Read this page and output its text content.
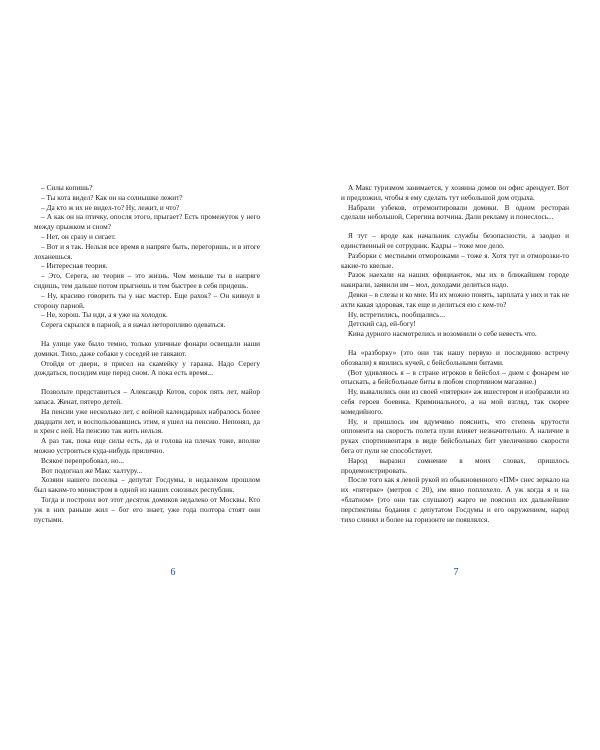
– Силы копишь?

– Ты кота видел? Как он на солнышке лежит?

– Да кто ж их не видел-то? Ну, лежит, и что?

– А как он на птичку, опосля этого, прыгает? Есть промежуток у него между прыжком и сном?

– Нет, он сразу и сигает.

– Вот и я так. Нельзя все время в напряге быть, перегоришь, и в итоге лоханешься.

– Интересная теория.

– Это, Серега, не теория – это жизнь. Чем меньше ты в напряге сидишь, тем дальше потом прыгнешь и тем быстрее в себя придешь.

– Ну, красиво говорить ты у нас мастер. Еще рахок? – Он кивнул в сторону парной.

– Не, хорош. Ты иди, а я уже на холодок.

Серега скрылся в парной, а я начал неторопливо одеваться.

На улице уже было темно, только уличные фонари освещали наши домики. Тихо, даже собаки у соседей не гавкают.

Отойдя от двери, я присел на скамейку у гаража. Надо Серегу дождаться, посидим еще перед сном. А пока есть время...

Позвольте представиться – Александр Котов, сорок пять лет, майор запаса. Женат, пятеро детей.

На пенсии уже несколько лет, с войной календарных набралось более двадцати лет, и воспользовавшись этим, я ушел на пенсию. Непонял, да и хрен с ней. На пенсию так жить нельзя.

А раз так, пока еще силы есть, да и голова на плечах тоже, вполне можно устроиться куда-нибудь прилично.

Всякое перепробовал, но...

Вот подогнал же Макс халтуру...

Хозяин нашего поселка – депутат Госдумы, в недалеком прошлом был каким-то министром в одной из наших союзных республик.

Тогда и построил вот этот десяток домиков недалеко от Москвы. Кто уж в них раньше жил – бог его знает, уже года полтора стоят они пустыми.

А Макс туризмом занимается, у хозяина домов он офис арендует. Вот и предложил, чтобы я ему сделать тут небольшой дом отдыха.

Набрали узбеков, отремонтировали домики. В одном ресторан сделали небольшой, Серегина вотчина. Дали рекламу и понеслось...

Я тут – вроде как начальник службы безопасности, а заодно и единственный ее сотрудник. Кадры – тоже мое дело.

Разборки с местными отморозками – тоже я. Хотя тут и отморозки-то какие-то квелые.

Разок наехали на наших официанток, мы их в ближайшем городе накирали, заявили им – мол, доходами делиться надо.

Девки – в слезы и ко мне. Из их можно понять, зарплата у них и так не ахти какая здоровая, так еще и делиться ею с кем-то?

Ну, встретились, пообщались...

Детский сад, ей-богу!

Кина дурного насмотрелись и возомнили о себе невесть что.

На «разборку» (это они так нашу первую и последнюю встречу обозвали) я явились кучей, с бейсбольными битами.

(Вот удивляюсь я – в стране игроков в бейсбол – днем с фонарем не отыскать, а бейсбольные биты в любом спортивном магазине.)

Ну, вывалились они из своей «пятерки» аж вшестером и изобразили из себя героев боевика. Криминального, а на мой взгляд, так скорее комедийного.

Ну, и пришлось им вдумчиво пояснить, что степень крутости оппонента на скорость полета пули влияет незначительно. А наличие в руках спортинвентаря в виде бейсбольных бит увеличению скорости бега от пули не способствует.

Народ выразил сомнение в моих словах, пришлось продемонстрировать.

После того как я левой рукой из обыкновенного «ПМ» снес зеркало на их «пятерке» (метров с 20), им явно поплохело. А уж когда я и на «блатном» (это они так слушают) жарго не пояснил их дальнейшие перспективы бодания с депутатом Госдумы и его окружением, народ тихо слинял и более на горизонте не появлялся.

6	7
